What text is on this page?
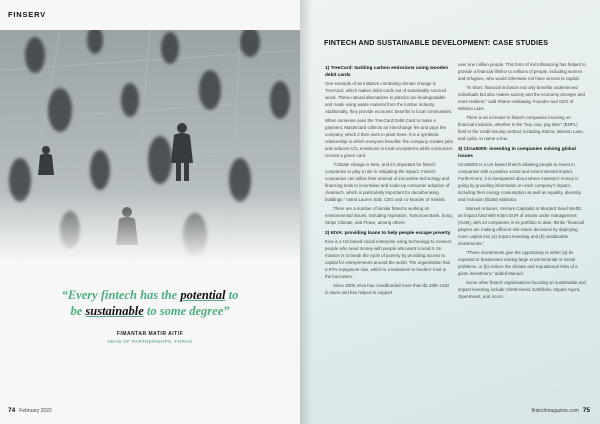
FINSERV
“Every fintech has the potential to
be sustainable to some degree”
FIMANTAR MATIR AITIF
HEAD OF PARTNERSHIPS, FORUS
74 February 2022
FINTECH AND SUSTAINABLE DEVELOPMENT: CASE STUDIES
1) TreeCard: tackling carbon emissions using wooden debit cards

One example of an initiative combating climate change is TreeCard, which makes debit cards out of sustainably sourced wood. These natural alternatives to plastics are biodegradable and made using waste material from the lumber industry. Additionally, they provide economic benefits to local communities.

When someone uses the TreeCard Debit Card to make a payment, Mastercard collects an interchange fee and pays the company, which it then uses to plant trees. It is a symbiotic relationship in which everyone benefits: the company creates jobs and reduces CO₂ emissions in local ecosystems while consumers receive a green card.

“Climate change is here, and it’s important for fintech companies to play a role in mitigating the impact. Fintech companies can utilise their arsenal of innovative technology and financing tools to incentivise and scale-up consumer adoption of cleantech, which is particularly important for decarbonising buildings,” noted Lauren Salz, CEO and co-founder of Sealed.

There are a number of similar fintechs working on environmental issues, including Aspiration, Tomorrow Bank, bunq, Stripe Climate, and Flowe, among others.

2) KIVA: providing loans to help people escape poverty

Kiva is a US-based social enterprise using technology to connect people who need money with people who want to lend it. Its mission is to break the cycle of poverty by providing access to capital for entrepreneurs around the world. The organisation has a 97% repayment rate, which is a testament to lenders’ trust in the borrowers.

Since 2005, Kiva has crowdfunded more than $1.33bn USD in loans and has helped to support

over one million people. This form of microfinancing has helped to provide a financial lifeline to millions of people, including women and refugees, who would otherwise not have access to capital.

“In short, financial inclusion not only benefits underserved individuals but also makes society and the economy stronger and more resilient,” said Shane Holdaway, Founder and CEO of Mission Lane.

There is an increase in fintech companies focusing on financial inclusion, whether in the “buy now, pay later” (BNPL) field or the credit-issuing vertical, including Klarna, Mission Lane, and Lydia, to name a few.

3) Circa5000: investing in companies solving global issues

Circa5000 is a UK-based fintech allowing people to invest in companies with a positive social and environmental impact. Furthermore, it is transparent about where investors’ money is going by providing information on each company’s impact, including their energy consumption as well as equality, diversity and inclusion (ED&I) statistics.

Manuel Antunes, Venture Capitalist at Mustard Seed MAZE, an impact fund with €45m EUR of assets under management (AUM), with 24 companies in its portfolio to date, thinks “financial players are making efficient risk-return decisions by deploying more capital into (a) impact investing and (b) sustainable investments.”

“These investments give the opportunity to either (a) be exposed to businesses solving large environmental or social problems, or (b) reduce the climate and reputational risks of a given investment,” added Manuel.

Some other fintech organisations focusing on sustainable and impact investing include Clim8 Invest, Earthfolio, Impact Agora, OpenInvest, and Acorn.

fintechmagazine.com 75
